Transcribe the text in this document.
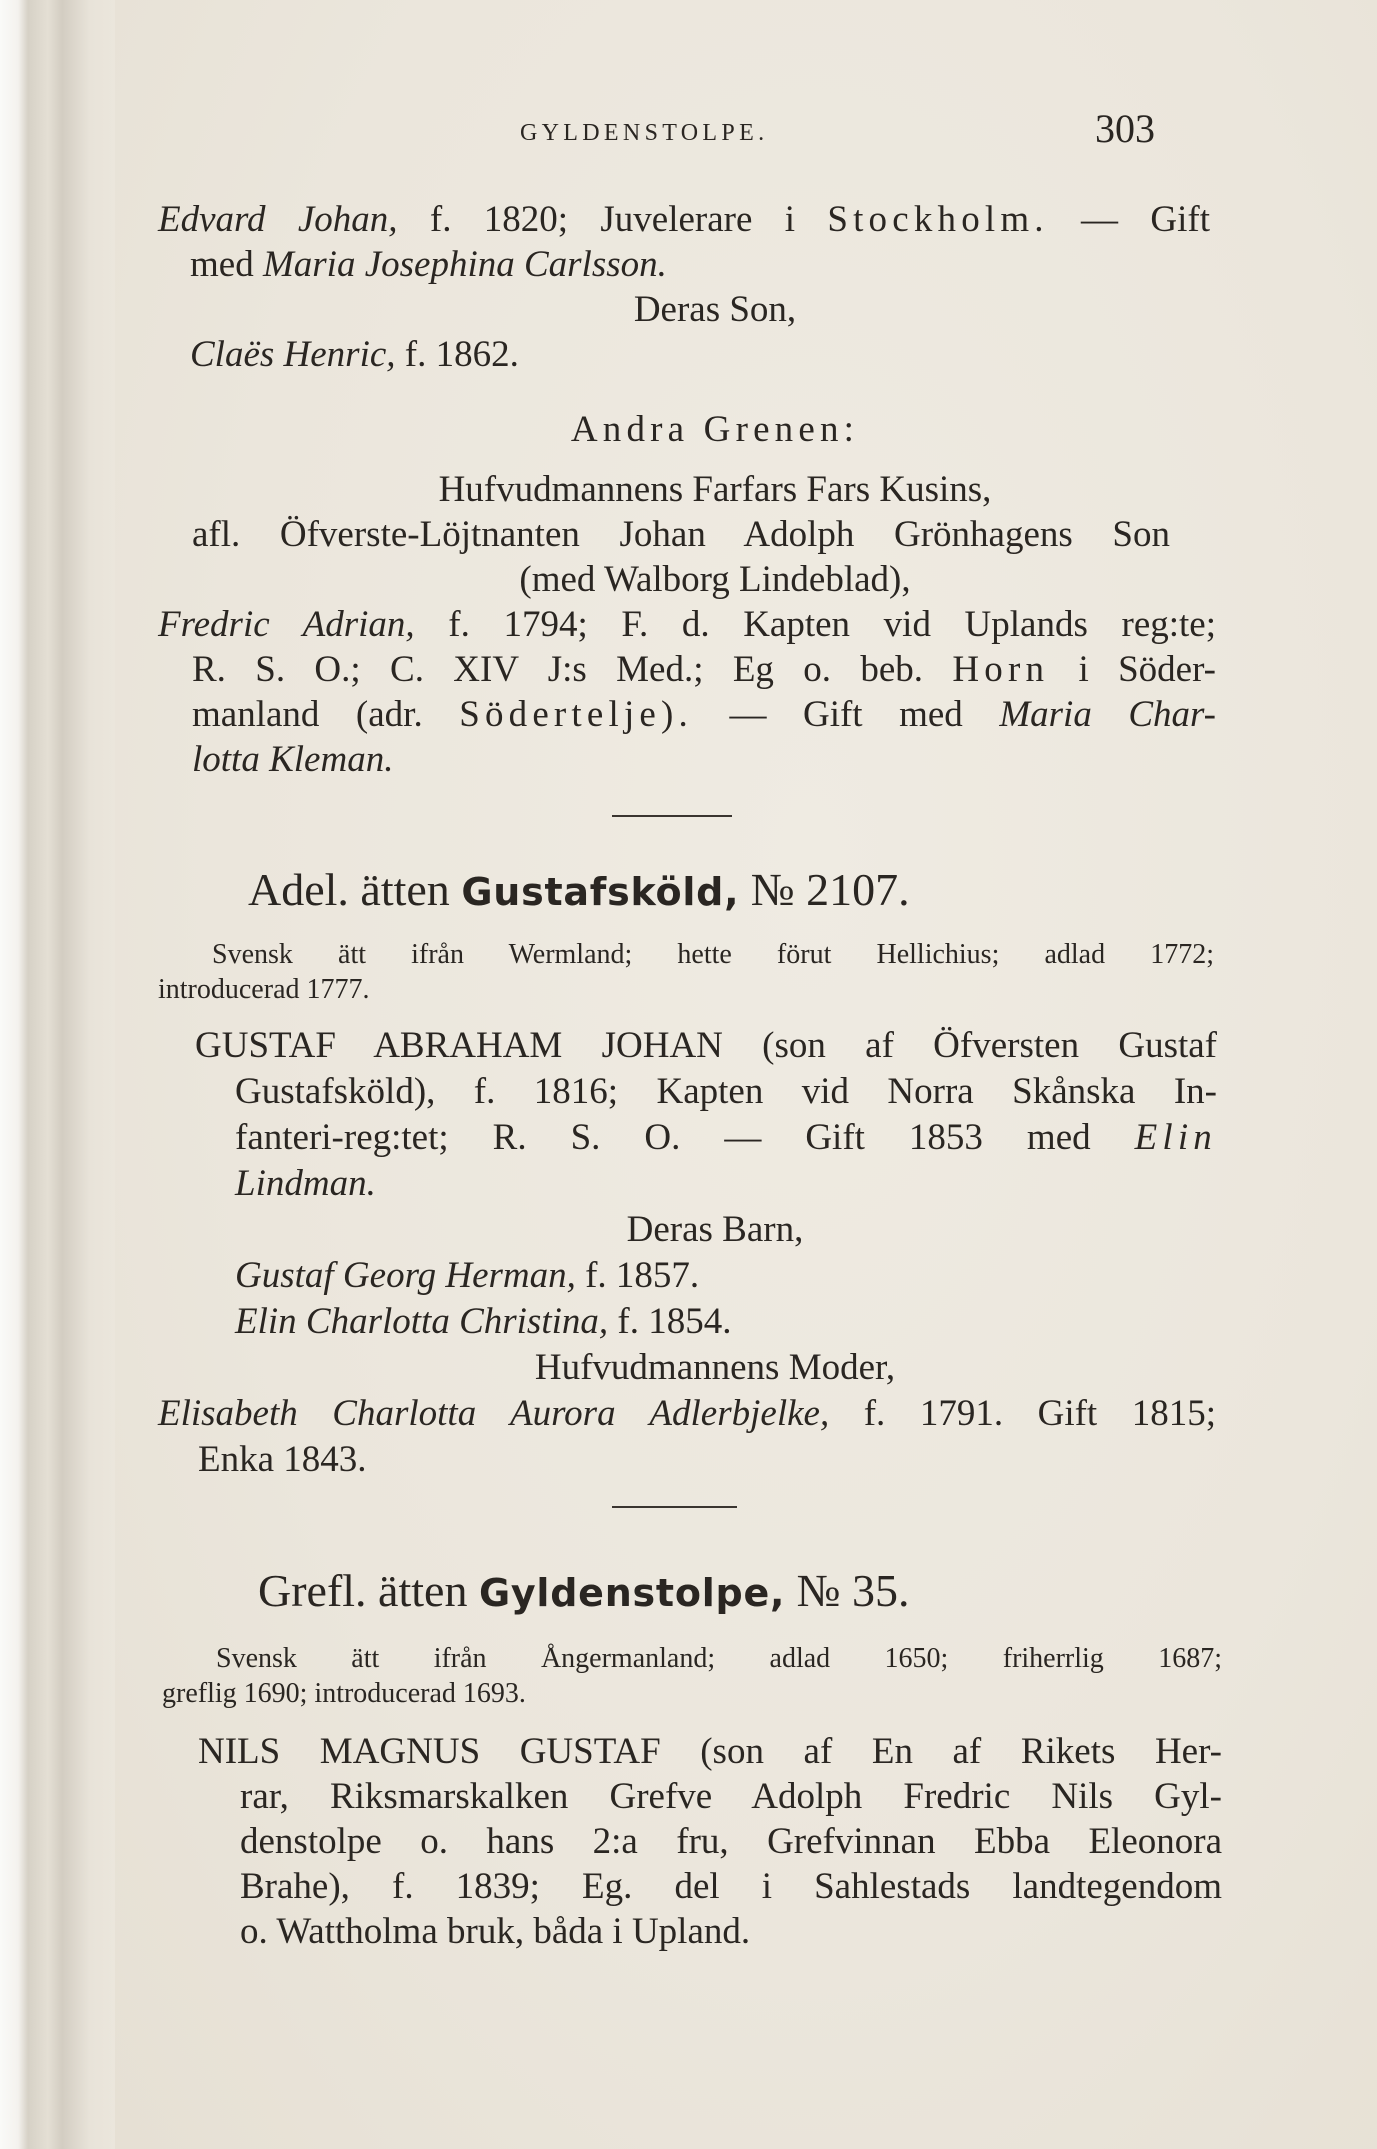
GYLDENSTOLPE.	303
Edvard Johan, f. 1820; Juvelerare i Stockholm. — Gift
med Maria Josephina Carlsson.
Deras Son,
Claës Henric, f. 1862.
Andra Grenen:
Hufvudmannens Farfars Fars Kusins,
afl. Öfverste-Löjtnanten Johan Adolph Grönhagens Son
(med Walborg Lindeblad),
Fredric Adrian, f. 1794; F. d. Kapten vid Uplands reg:te;
R. S. O.; C. XIV J:s Med.; Eg o. beb. Horn i Söder-
manland (adr. Södertelje). — Gift med Maria Char-
lotta Kleman.
Adel. ätten Gustafsköld, № 2107.
Svensk ätt ifrån Wermland; hette förut Hellichius; adlad 1772;
introducerad 1777.
GUSTAF ABRAHAM JOHAN (son af Öfversten Gustaf
Gustafsköld), f. 1816; Kapten vid Norra Skånska In-
fanteri-reg:tet; R. S. O. — Gift 1853 med Elin
Lindman.
Deras Barn,
Gustaf Georg Herman, f. 1857.
Elin Charlotta Christina, f. 1854.
Hufvudmannens Moder,
Elisabeth Charlotta Aurora Adlerbjelke, f. 1791. Gift 1815;
Enka 1843.
Grefl. ätten Gyldenstolpe, № 35.
Svensk ätt ifrån Ångermanland; adlad 1650; friherrlig 1687;
greflig 1690; introducerad 1693.
NILS MAGNUS GUSTAF (son af En af Rikets Her-
rar, Riksmarskalken Grefve Adolph Fredric Nils Gyl-
denstolpe o. hans 2:a fru, Grefvinnan Ebba Eleonora
Brahe), f. 1839; Eg. del i Sahlestads landtegendom
o. Wattholma bruk, båda i Upland.
